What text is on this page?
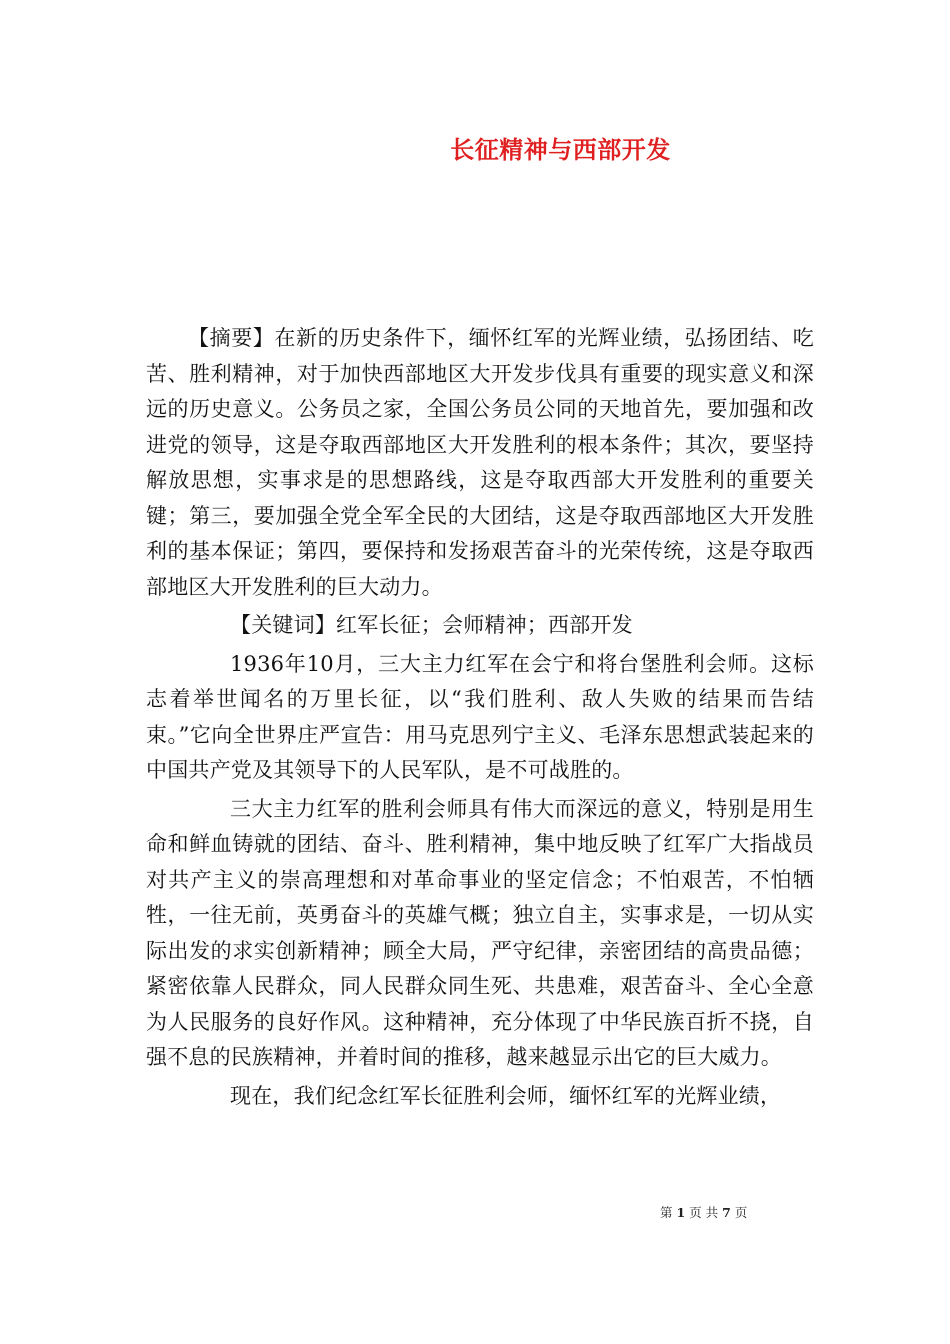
长征精神与西部开发

【摘要】在新的历史条件下，缅怀红军的光辉业绩，弘扬团结、吃苦、胜利精神，对于加快西部地区大开发步伐具有重要的现实意义和深远的历史意义。公务员之家，全国公务员公同的天地首先，要加强和改进党的领导，这是夺取西部地区大开发胜利的根本条件；其次，要坚持解放思想，实事求是的思想路线，这是夺取西部大开发胜利的重要关键；第三，要加强全党全军全民的大团结，这是夺取西部地区大开发胜利的基本保证；第四，要保持和发扬艰苦奋斗的光荣传统，这是夺取西部地区大开发胜利的巨大动力。

【关键词】红军长征；会师精神；西部开发

1936年10月，三大主力红军在会宁和将台堡胜利会师。这标志着举世闻名的万里长征，以“我们胜利、敌人失败的结果而告结束。”它向全世界庄严宣告：用马克思列宁主义、毛泽东思想武装起来的中国共产党及其领导下的人民军队，是不可战胜的。

三大主力红军的胜利会师具有伟大而深远的意义，特别是用生命和鲜血铸就的团结、奋斗、胜利精神，集中地反映了红军广大指战员对共产主义的崇高理想和对革命事业的坚定信念；不怕艰苦，不怕牺牲，一往无前，英勇奋斗的英雄气概；独立自主，实事求是，一切从实际出发的求实创新精神；顾全大局，严守纪律，亲密团结的高贵品德；紧密依靠人民群众，同人民群众同生死、共患难，艰苦奋斗、全心全意为人民服务的良好作风。这种精神，充分体现了中华民族百折不挠，自强不息的民族精神，并着时间的推移，越来越显示出它的巨大威力。

现在，我们纪念红军长征胜利会师，缅怀红军的光辉业绩，

第 1 页 共 7 页
